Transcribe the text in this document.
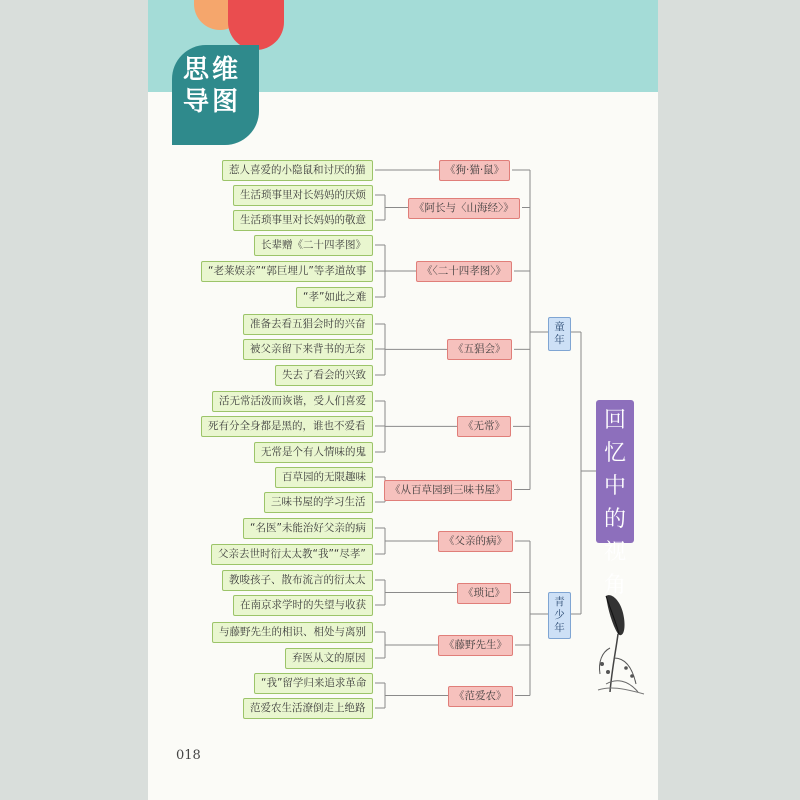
思维
导图
惹人喜爱的小隐鼠和讨厌的猫	《狗·猫·鼠》
生活琐事里对长妈妈的厌烦
生活琐事里对长妈妈的敬意
《阿长与〈山海经〉》
长辈赠《二十四孝图》
“老莱娱亲”“郭巨埋儿”等孝道故事
“孝”如此之难
《〈二十四孝图〉》
准备去看五猖会时的兴奋
被父亲留下来背书的无奈
失去了看会的兴致
《五猖会》
活无常活泼而诙谐，受人们喜爱
死有分全身都是黑的，谁也不爱看
无常是个有人情味的鬼
《无常》
百草园的无限趣味
三味书屋的学习生活
《从百草园到三味书屋》
“名医”未能治好父亲的病
父亲去世时衍太太教“我”“尽孝”
《父亲的病》
教唆孩子、散布流言的衍太太
在南京求学时的失望与收获
《琐记》
与藤野先生的相识、相处与离别
弃医从文的原因
《藤野先生》
“我”留学归来追求革命
范爱农生活潦倒走上绝路
《范爱农》
童年
青少年
回忆中的视角
018
